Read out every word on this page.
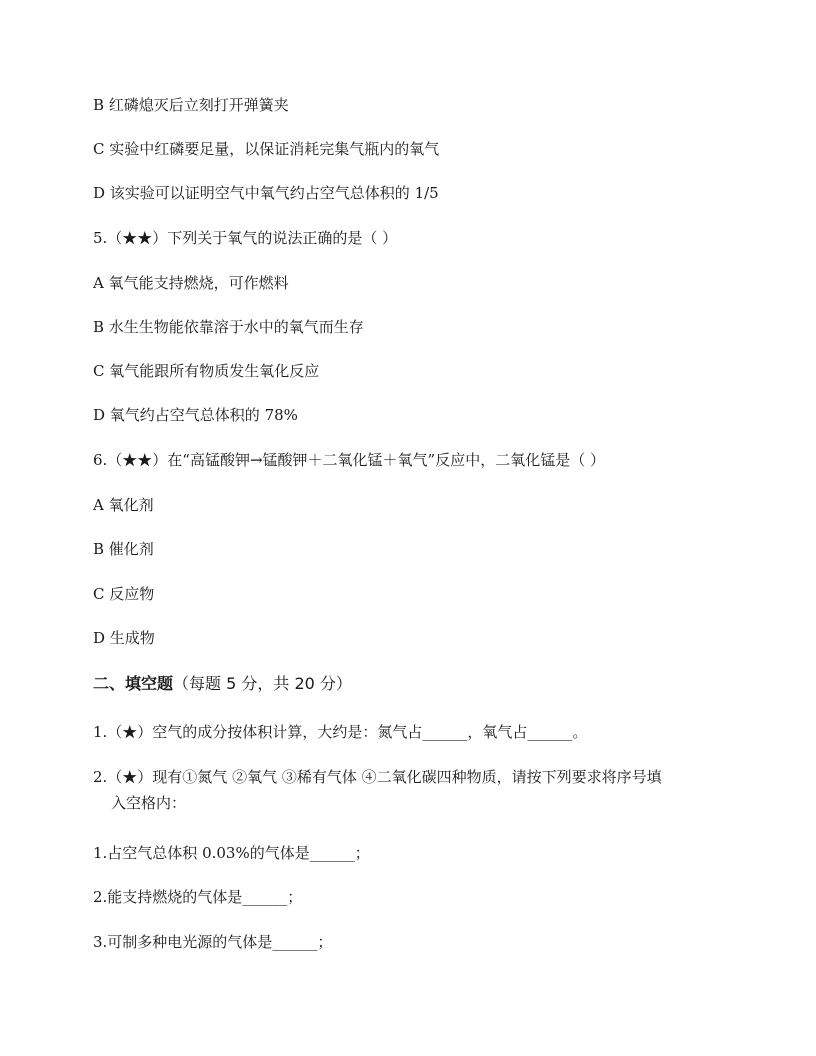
B 红磷熄灭后立刻打开弹簧夹
C 实验中红磷要足量，以保证消耗完集气瓶内的氧气
D 该实验可以证明空气中氧气约占空气总体积的 1/5
5.（★★）下列关于氧气的说法正确的是（ ）
A 氧气能支持燃烧，可作燃料
B 水生生物能依靠溶于水中的氧气而生存
C 氧气能跟所有物质发生氧化反应
D 氧气约占空气总体积的 78%
6.（★★）在“高锰酸钾→锰酸钾＋二氧化锰＋氧气”反应中，二氧化锰是（ ）
A 氧化剂
B 催化剂
C 反应物
D 生成物
二、填空题（每题 5 分，共 20 分）
1.（★）空气的成分按体积计算，大约是：氮气占______，氧气占______。
2.（★）现有①氮气 ②氧气 ③稀有气体 ④二氧化碳四种物质，请按下列要求将序号填
入空格内：
1.占空气总体积 0.03%的气体是______；
2.能支持燃烧的气体是______；
3.可制多种电光源的气体是______；
